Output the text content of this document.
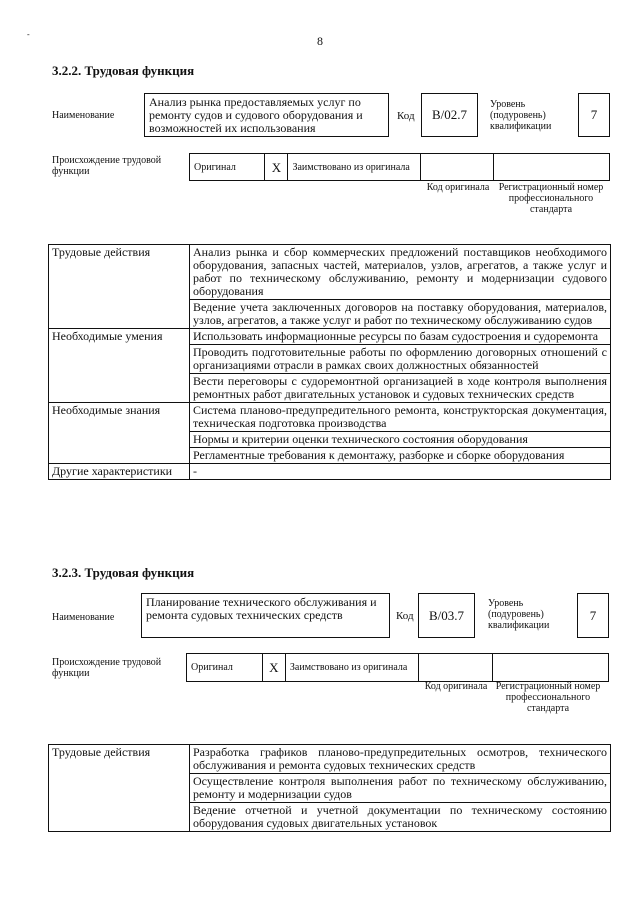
-	8
3.2.2. Трудовая функция
Наименование
Анализ рынка предоставляемых услуг по ремонту судов и судового оборудования и возможностей их использования
Код B/02.7
Уровень (подуровень) квалификации
7
Происхождение трудовой функции	Оригинал	X	Заимствовано из оригинала		
Код оригинала Регистрационный номер профессионального стандарта
Трудовые действия	Анализ рынка и сбор коммерческих предложений поставщиков необходимого оборудования, запасных частей, материалов, узлов, агрегатов, а также услуг и работ по техническому обслуживанию, ремонту и модернизации судового оборудования
	Ведение учета заключенных договоров на поставку оборудования, материалов, узлов, агрегатов, а также услуг и работ по техническому обслуживанию судов
Необходимые умения	Использовать информационные ресурсы по базам судостроения и судоремонта
	Проводить подготовительные работы по оформлению договорных отношений с организациями отрасли в рамках своих должностных обязанностей
	Вести переговоры с судоремонтной организацией в ходе контроля выполнения ремонтных работ двигательных установок и судовых технических средств
Необходимые знания	Система планово-предупредительного ремонта, конструкторская документация, техническая подготовка производства
	Нормы и критерии оценки технического состояния оборудования
	Регламентные требования к демонтажу, разборке и сборке оборудования
Другие характеристики	-
3.2.3. Трудовая функция
Наименование
Планирование технического обслуживания и ремонта судовых технических средств	Код B/03.7
Уровень (подуровень) квалификации
7
Происхождение трудовой функции
Оригинал	X	Заимствовано из оригинала		
Код оригинала Регистрационный номер профессионального стандарта
Трудовые действия	Разработка графиков планово-предупредительных осмотров, технического обслуживания и ремонта судовых технических средств
Осуществление контроля выполнения работ по техническому обслуживанию, ремонту и модернизации судов
Ведение отчетной и учетной документации по техническому состоянию оборудования судовых двигательных установок
